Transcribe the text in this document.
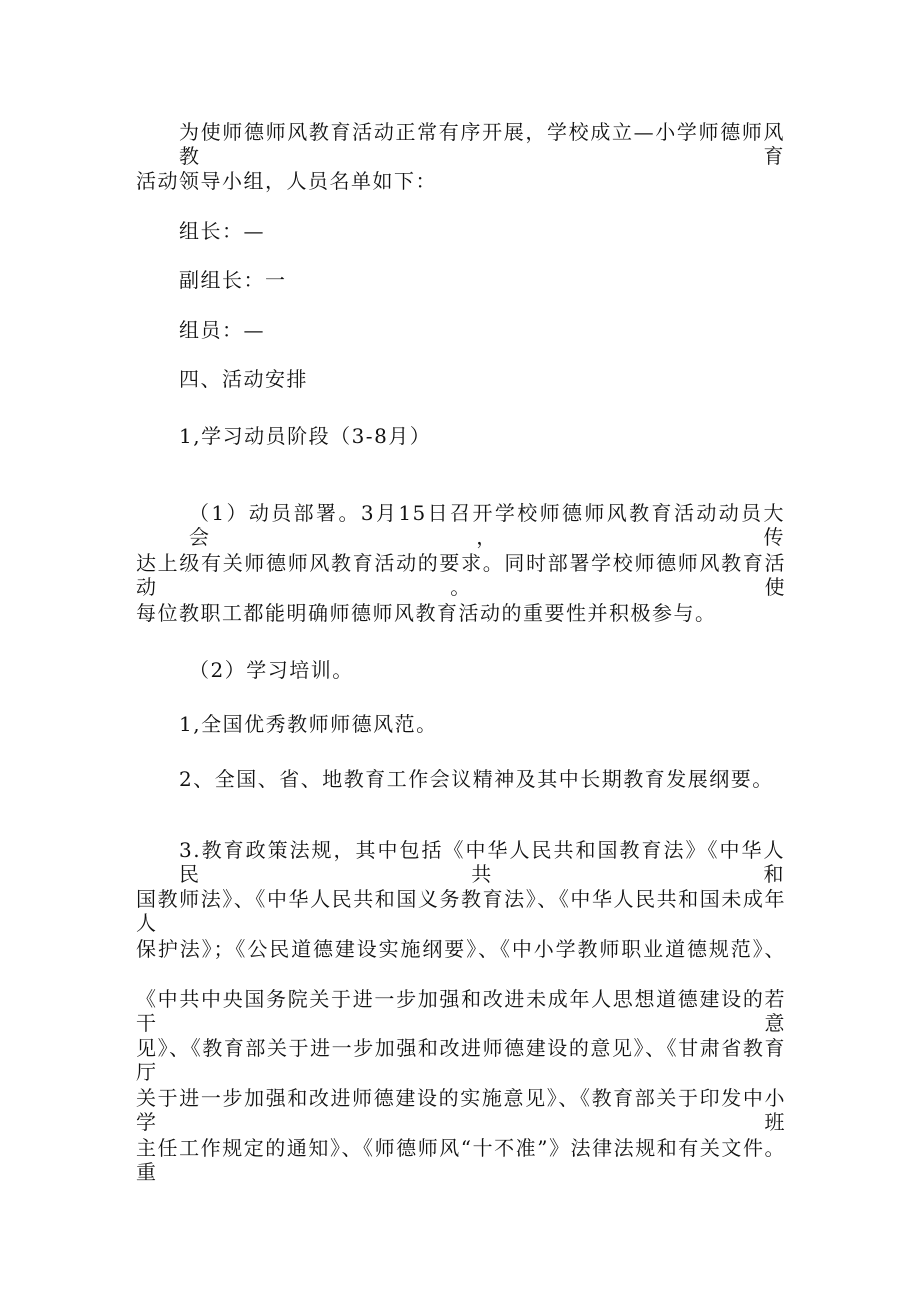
为使师德师风教育活动正常有序开展，学校成立—小学师德师风教育
活动领导小组，人员名单如下：
组长：—
副组长：一
组员：—
四、活动安排
1,学习动员阶段（3-8月）
（1）动员部署。3月15日召开学校师德师风教育活动动员大会，传
达上级有关师德师风教育活动的要求。同时部署学校师德师风教育活动。使
每位教职工都能明确师德师风教育活动的重要性并积极参与。
（2）学习培训。
1,全国优秀教师师德风范。
2、全国、省、地教育工作会议精神及其中长期教育发展纲要。
3.教育政策法规，其中包括《中华人民共和国教育法》《中华人民共和
国教师法》、《中华人民共和国义务教育法》、《中华人民共和国未成年人
保护法》；《公民道德建设实施纲要》、《中小学教师职业道德规范》、
《中共中央国务院关于进一步加强和改进未成年人思想道德建设的若干意
见》、《教育部关于进一步加强和改进师德建设的意见》、《甘肃省教育厅
关于进一步加强和改进师德建设的实施意见》、《教育部关于印发中小学班
主任工作规定的通知》、《师德师风“十不准”》法律法规和有关文件。重
